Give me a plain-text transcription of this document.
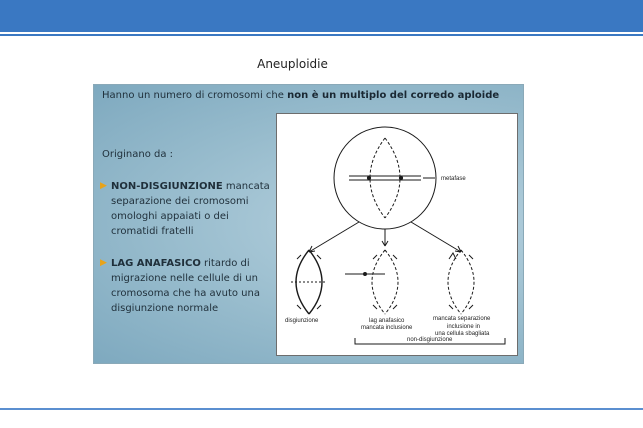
Aneuploidie
Hanno un numero di cromosomi che non è un multiplo del corredo aploide
Originano da :
▶ NON-DISGIUNZIONE mancata separazione dei cromosomi omologhi appaiati o dei cromatidi fratelli
▶ LAG ANAFASICO ritardo di migrazione nelle cellule di un cromosoma che ha avuto una disgiunzione normale
metafase
disgiunzione	lag anafasico
mancata inclusione
mancata separazione
inclusione in
una cellula sbagliata
non-disgiunzione
